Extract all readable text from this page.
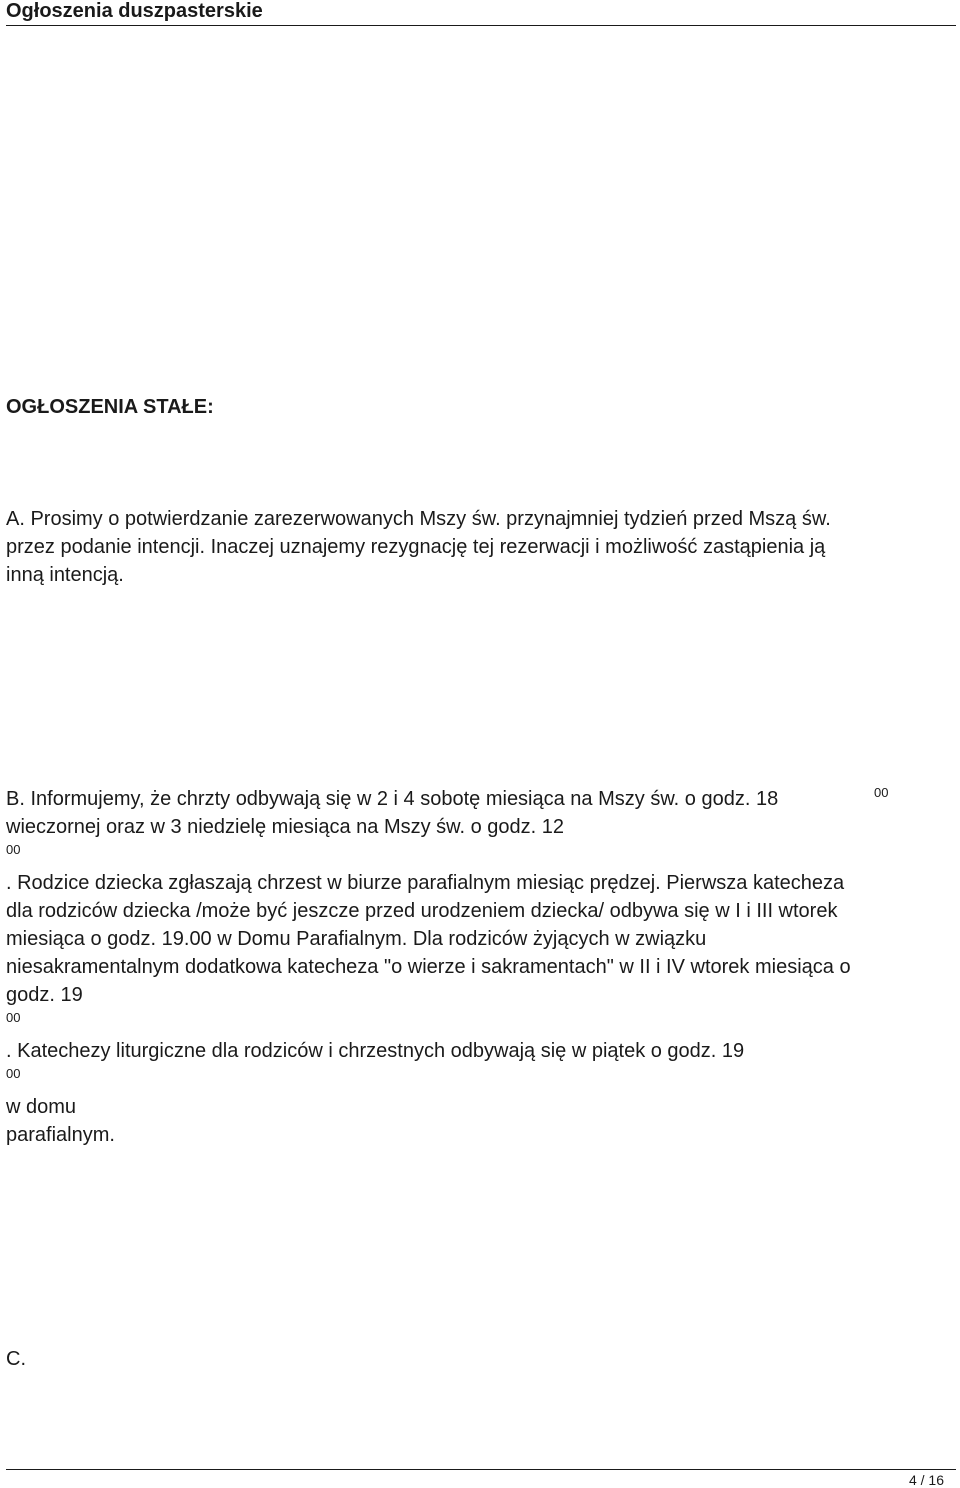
Ogłoszenia duszpasterskie
OGŁOSZENIA STAŁE:
A. Prosimy o potwierdzanie zarezerwowanych Mszy św. przynajmniej tydzień przed Mszą św.
przez podanie intencji. Inaczej uznajemy rezygnację tej rezerwacji i możliwość zastąpienia ją
inną intencją.
B. Informujemy, że chrzty odbywają się w 2 i 4 sobotę miesiąca na Mszy św. o godz. 18	00
wieczornej oraz w 3 niedzielę miesiąca na Mszy św. o godz. 12
00
. Rodzice dziecka zgłaszają chrzest w biurze parafialnym miesiąc prędzej. Pierwsza katecheza
dla rodziców dziecka /może być jeszcze przed urodzeniem dziecka/ odbywa się w I i III wtorek
miesiąca o godz. 19.00 w Domu Parafialnym. Dla rodziców żyjących w związku
niesakramentalnym dodatkowa katecheza "o wierze i sakramentach" w II i IV wtorek miesiąca o
godz. 19
00
. Katechezy liturgiczne dla rodziców i chrzestnych odbywają się w piątek o godz. 19
00
w domu
parafialnym.
C.
4 / 16
